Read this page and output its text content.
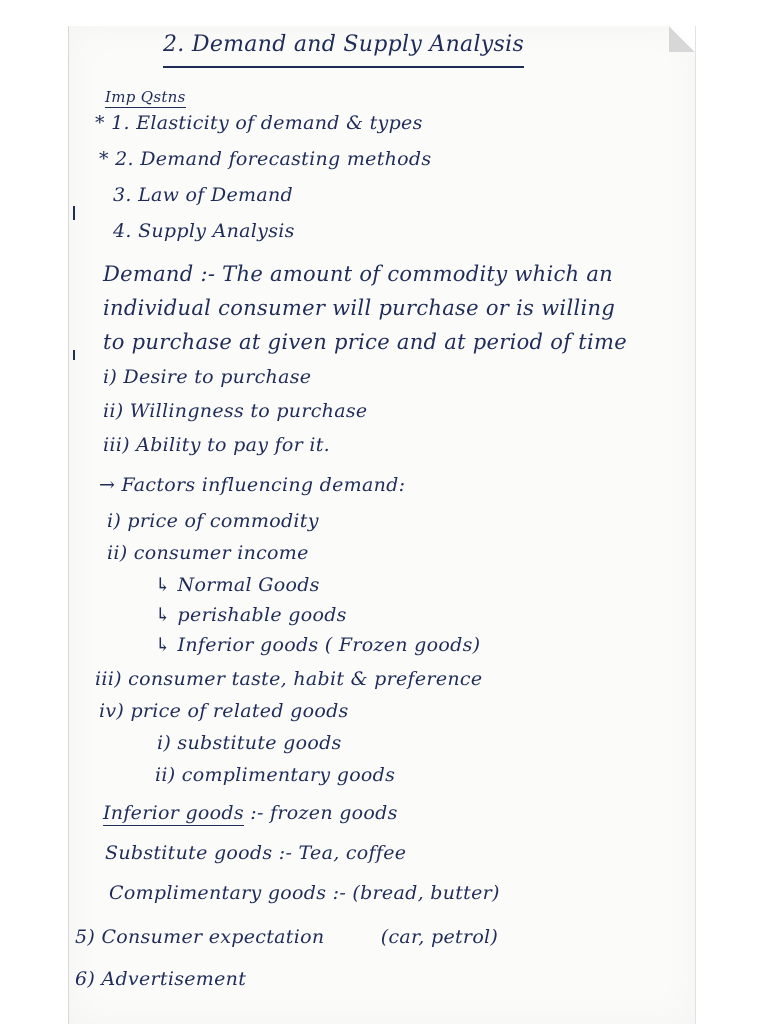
2. Demand and Supply Analysis
Imp Qstns
* 1. Elasticity of demand & types
* 2. Demand forecasting methods
3. Law of Demand
4. Supply Analysis
Demand :- The amount of commodity which an
individual consumer will purchase or is willing
to purchase at given price and at period of time
i) Desire to purchase
ii) Willingness to purchase
iii) Ability to pay for it.
→ Factors influencing demand:
i) price of commodity
ii) consumer income
↳ Normal Goods
↳ perishable goods
↳ Inferior goods ( Frozen goods)
iii) consumer taste, habit & preference
iv) price of related goods
i) substitute goods
ii) complimentary goods
Inferior goods :- frozen goods
Substitute goods :- Tea, coffee
Complimentary goods :- (bread, butter)
5) Consumer expectation	(car, petrol)
6) Advertisement
